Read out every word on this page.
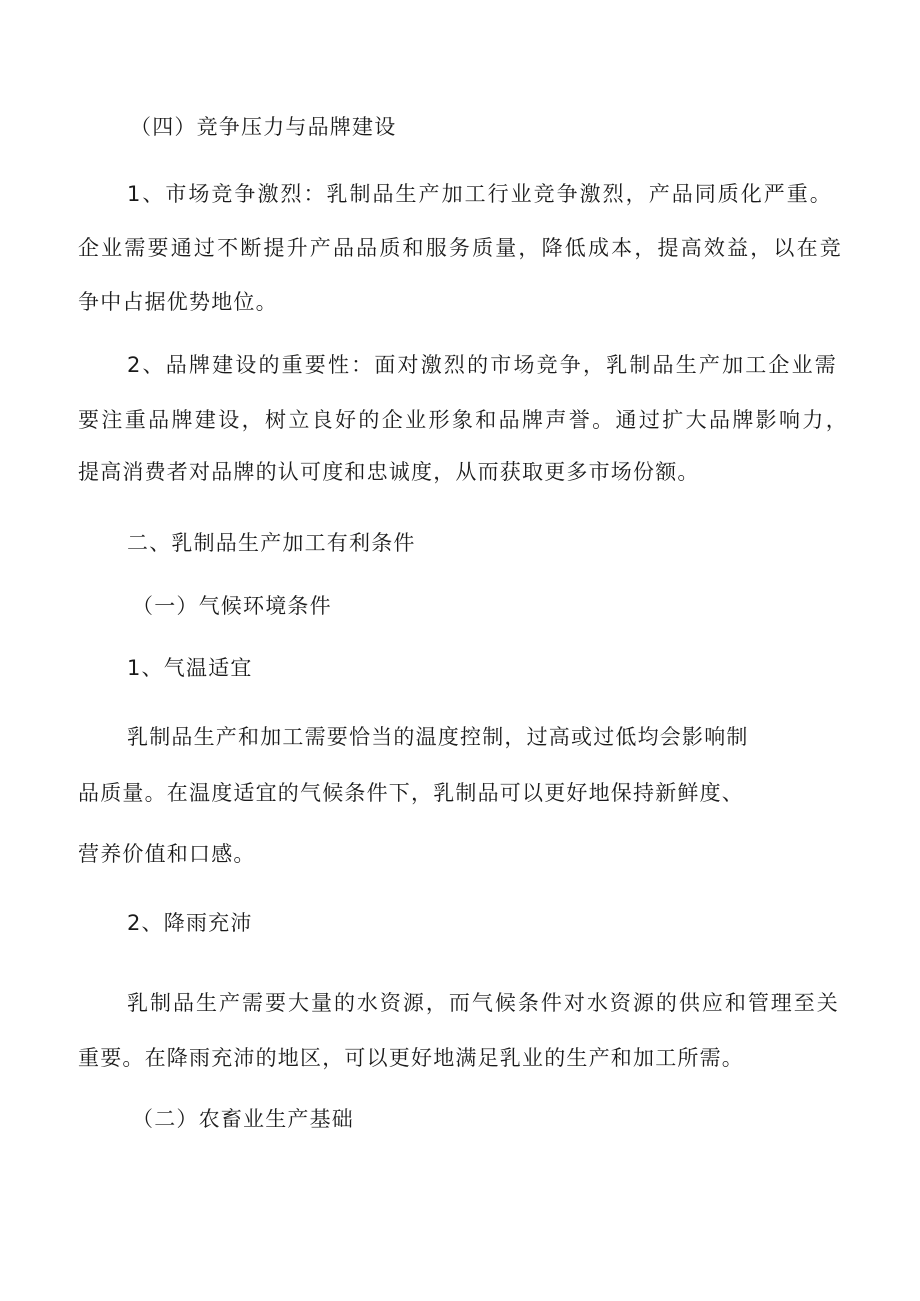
（四）竞争压力与品牌建设
1、市场竞争激烈：乳制品生产加工行业竞争激烈，产品同质化严重。
企业需要通过不断提升产品品质和服务质量，降低成本，提高效益，以在竞
争中占据优势地位。
2、品牌建设的重要性：面对激烈的市场竞争，乳制品生产加工企业需
要注重品牌建设，树立良好的企业形象和品牌声誉。通过扩大品牌影响力，
提高消费者对品牌的认可度和忠诚度，从而获取更多市场份额。
二、乳制品生产加工有利条件
（一）气候环境条件
1、气温适宜
乳制品生产和加工需要恰当的温度控制，过高或过低均会影响制
品质量。在温度适宜的气候条件下，乳制品可以更好地保持新鲜度、
营养价值和口感。
2、降雨充沛
乳制品生产需要大量的水资源，而气候条件对水资源的供应和管理至关
重要。在降雨充沛的地区，可以更好地满足乳业的生产和加工所需。
（二）农畜业生产基础
